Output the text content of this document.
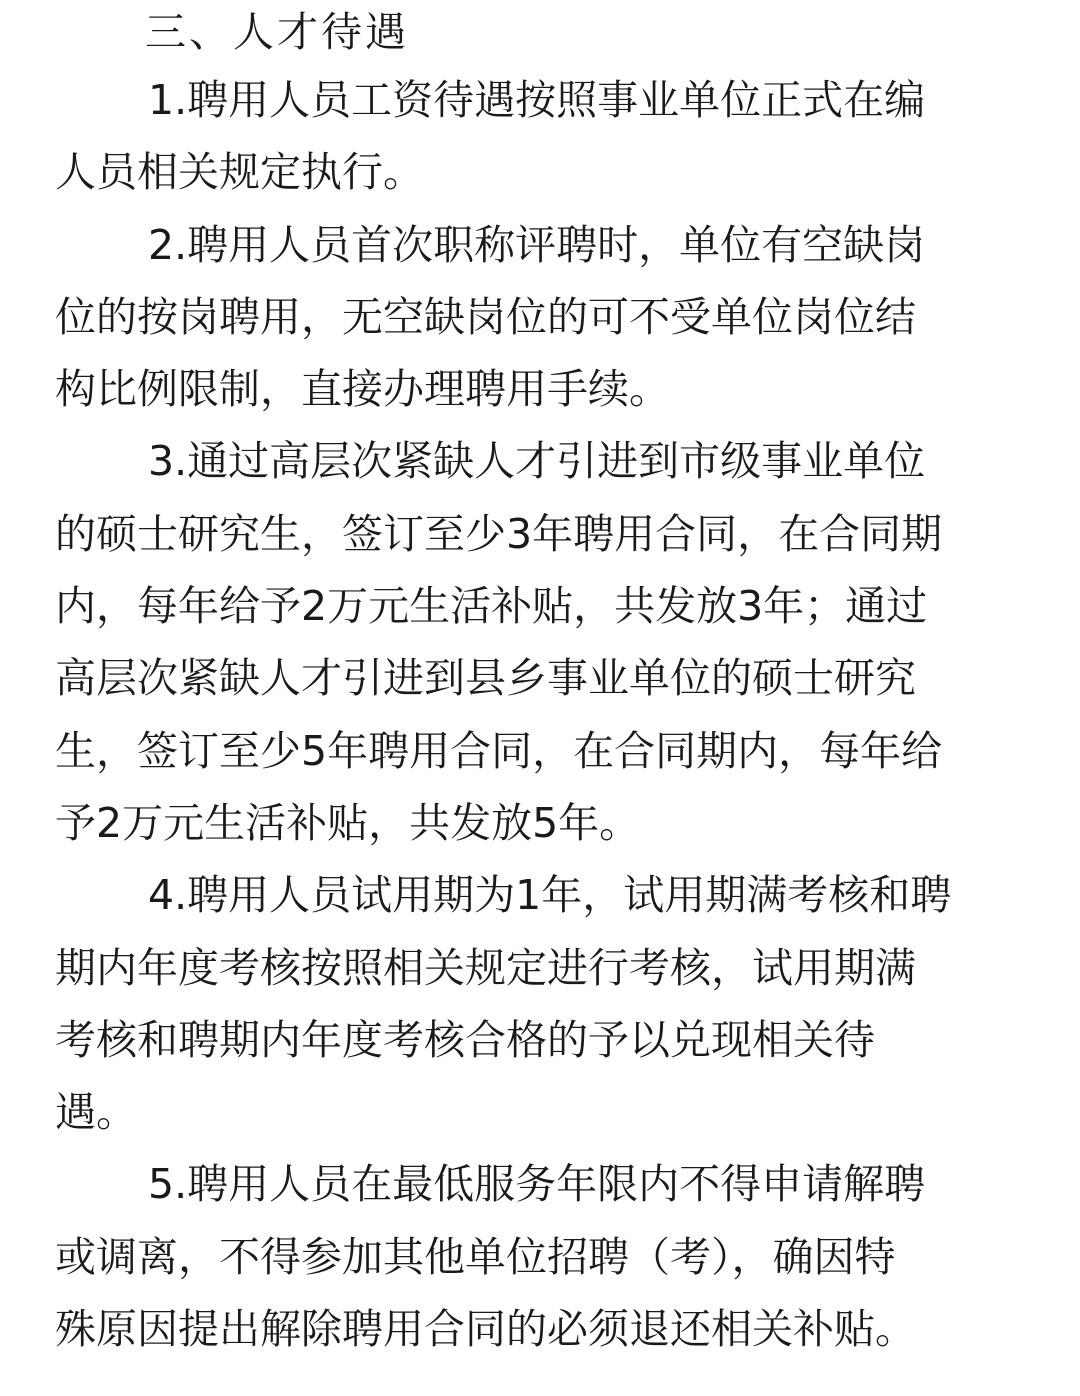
三、人才待遇

1.聘用人员工资待遇按照事业单位正式在编
人员相关规定执行。

2.聘用人员首次职称评聘时，单位有空缺岗
位的按岗聘用，无空缺岗位的可不受单位岗位结
构比例限制，直接办理聘用手续。

3.通过高层次紧缺人才引进到市级事业单位
的硕士研究生，签订至少3年聘用合同，在合同期
内，每年给予2万元生活补贴，共发放3年；通过
高层次紧缺人才引进到县乡事业单位的硕士研究
生，签订至少5年聘用合同，在合同期内，每年给
予2万元生活补贴，共发放5年。

4.聘用人员试用期为1年，试用期满考核和聘
期内年度考核按照相关规定进行考核，试用期满
考核和聘期内年度考核合格的予以兑现相关待
遇。

5.聘用人员在最低服务年限内不得申请解聘
或调离，不得参加其他单位招聘（考），确因特
殊原因提出解除聘用合同的必须退还相关补贴。
